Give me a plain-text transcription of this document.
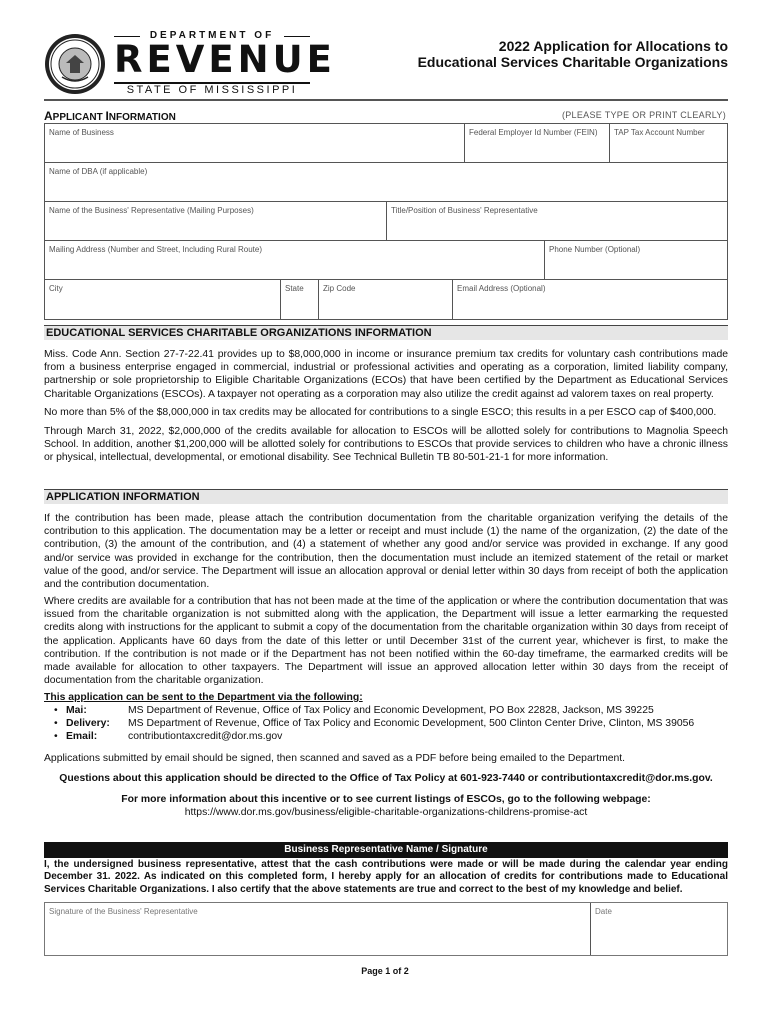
DEPARTMENT OF
REVENUE
STATE OF MISSISSIPPI
2022 Application for Allocations to
Educational Services Charitable Organizations
APPLICANT INFORMATION	(PLEASE TYPE OR PRINT CLEARLY)
Name of Business	Federal Employer Id Number (FEIN)	TAP Tax Account Number
Name of DBA (if applicable)
Name of the Business' Representative (Mailing Purposes)	Title/Position of Business' Representative
Mailing Address (Number and Street, Including Rural Route)	Phone Number (Optional)
City	State	Zip Code	Email Address (Optional)
EDUCATIONAL SERVICES CHARITABLE ORGANIZATIONS INFORMATION
Miss. Code Ann. Section 27-7-22.41 provides up to $8,000,000 in income or insurance premium tax credits for voluntary cash contributions made from a business enterprise engaged in commercial, industrial or professional activities and operating as a corporation, limited liability company, partnership or sole proprietorship to Eligible Charitable Organizations (ECOs) that have been certified by the Department as Educational Services Charitable Organizations (ESCOs). A taxpayer not operating as a corporation may also utilize the credit against ad valorem taxes on real property.
No more than 5% of the $8,000,000 in tax credits may be allocated for contributions to a single ESCO; this results in a per ESCO cap of $400,000.
Through March 31, 2022, $2,000,000 of the credits available for allocation to ESCOs will be allotted solely for contributions to Magnolia Speech School. In addition, another $1,200,000 will be allotted solely for contributions to ESCOs that provide services to children who have a chronic illness or physical, intellectual, developmental, or emotional disability. See Technical Bulletin TB 80-501-21-1 for more information.
APPLICATION INFORMATION
If the contribution has been made, please attach the contribution documentation from the charitable organization verifying the details of the contribution to this application. The documentation may be a letter or receipt and must include (1) the name of the organization, (2) the date of the contribution, (3) the amount of the contribution, and (4) a statement of whether any good and/or service was provided in exchange. If any good and/or service was provided in exchange for the contribution, then the documentation must include an itemized statement of the retail or market value of the good, and/or service. The Department will issue an allocation approval or denial letter within 30 days from receipt of both the application and the contribution documentation.
Where credits are available for a contribution that has not been made at the time of the application or where the contribution documentation that was issued from the charitable organization is not submitted along with the application, the Department will issue a letter earmarking the requested credits along with instructions for the applicant to submit a copy of the documentation from the charitable organization within 30 days from receipt of the application. Applicants have 60 days from the date of this letter or until December 31st of the current year, whichever is first, to make the contribution. If the contribution is not made or if the Department has not been notified within the 60-day timeframe, the earmarked credits will be made available for allocation to other taxpayers. The Department will issue an approved allocation letter within 30 days from the receipt of documentation from the charitable organization.
This application can be sent to the Department via the following:
• Mai:	MS Department of Revenue, Office of Tax Policy and Economic Development, PO Box 22828, Jackson, MS 39225
• Delivery:	MS Department of Revenue, Office of Tax Policy and Economic Development, 500 Clinton Center Drive, Clinton, MS 39056
• Email:	contributiontaxcredit@dor.ms.gov
Applications submitted by email should be signed, then scanned and saved as a PDF before being emailed to the Department.
Questions about this application should be directed to the Office of Tax Policy at 601-923-7440 or contributiontaxcredit@dor.ms.gov.
For more information about this incentive or to see current listings of ESCOs, go to the following webpage:
https://www.dor.ms.gov/business/eligible-charitable-organizations-childrens-promise-act
Business Representative Name / Signature
I, the undersigned business representative, attest that the cash contributions were made or will be made during the calendar year ending December 31. 2022. As indicated on this completed form, I hereby apply for an allocation of credits for contributions made to Educational Services Charitable Organizations. I also certify that the above statements are true and correct to the best of my knowledge and belief.
Signature of the Business' Representative	Date
Page 1 of 2
